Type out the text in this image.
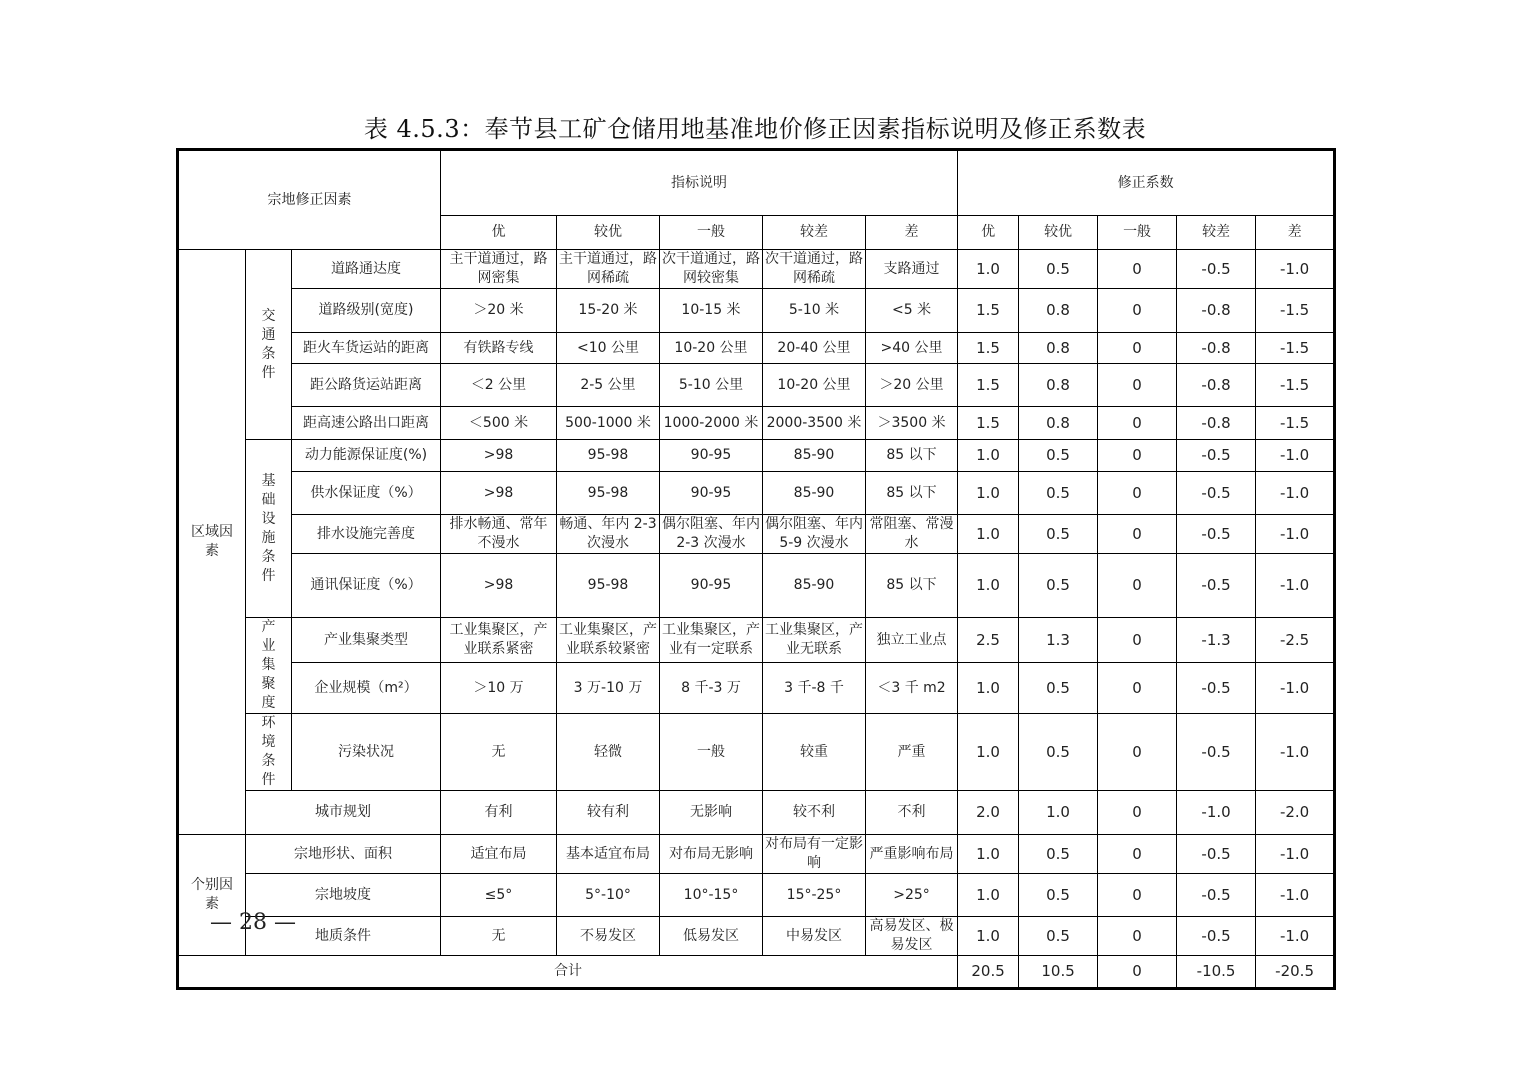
表 4.5.3：奉节县工矿仓储用地基准地价修正因素指标说明及修正系数表
宗地修正因素			指标说明					修正系数				
			优	较优	一般	较差	差	优	较优	一般	较差	差
区域因素	交通条件	道路通达度	主干道通过，路网密集	主干道通过，路网稀疏	次干道通过，路网较密集	次干道通过，路网稀疏	支路通过	1.0	0.5	0	-0.5	-1.0
		道路级别(宽度)	＞20 米	15-20 米	10-15 米	5-10 米	<5 米	1.5	0.8	0	-0.8	-1.5
		距火车货运站的距离	有铁路专线	<10 公里	10-20 公里	20-40 公里	>40 公里	1.5	0.8	0	-0.8	-1.5
		距公路货运站距离	＜2 公里	2-5 公里	5-10 公里	10-20 公里	＞20 公里	1.5	0.8	0	-0.8	-1.5
		距高速公路出口距离	＜500 米	500-1000 米	1000-2000 米	2000-3500 米	＞3500 米	1.5	0.8	0	-0.8	-1.5
	基础设施条件	动力能源保证度(%)	>98	95-98	90-95	85-90	85 以下	1.0	0.5	0	-0.5	-1.0
		供水保证度（%）	>98	95-98	90-95	85-90	85 以下	1.0	0.5	0	-0.5	-1.0
		排水设施完善度	排水畅通、常年不漫水	畅通、年内 2-3 次漫水	偶尔阻塞、年内 2-3 次漫水	偶尔阻塞、年内 5-9 次漫水	常阻塞、常漫水	1.0	0.5	0	-0.5	-1.0
		通讯保证度（%）	>98	95-98	90-95	85-90	85 以下	1.0	0.5	0	-0.5	-1.0
	产业集聚度	产业集聚类型	工业集聚区，产业联系紧密	工业集聚区，产业联系较紧密	工业集聚区，产业有一定联系	工业集聚区，产业无联系	独立工业点	2.5	1.3	0	-1.3	-2.5
		企业规模（m²）	＞10 万	3 万-10 万	8 千-3 万	3 千-8 千	＜3 千 m2	1.0	0.5	0	-0.5	-1.0
	环境条件	污染状况	无	轻微	一般	较重	严重	1.0	0.5	0	-0.5	-1.0
	城市规划		有利	较有利	无影响	较不利	不利	2.0	1.0	0	-1.0	-2.0
个别因素	宗地形状、面积		适宜布局	基本适宜布局	对布局无影响	对布局有一定影响	严重影响布局	1.0	0.5	0	-0.5	-1.0
	宗地坡度		≤5°	5°-10°	10°-15°	15°-25°	>25°	1.0	0.5	0	-0.5	-1.0
	地质条件		无	不易发区	低易发区	中易发区	高易发区、极易发区	1.0	0.5	0	-0.5	-1.0
合计								20.5	10.5	0	-10.5	-20.5
— 28 —
